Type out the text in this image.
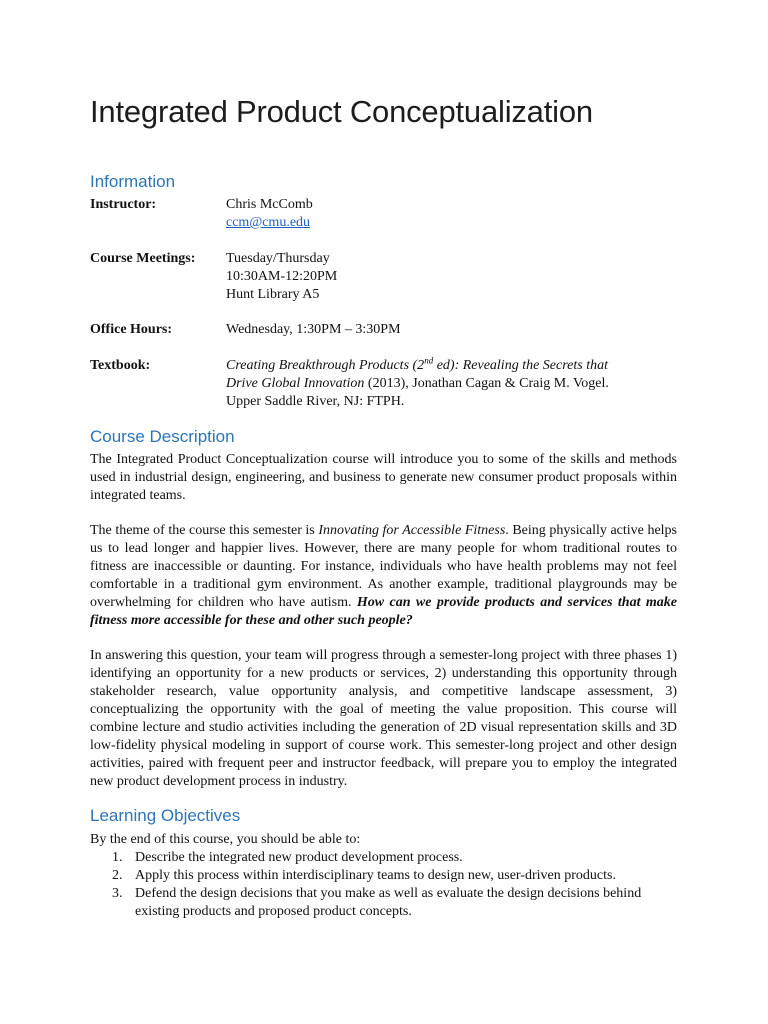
Integrated Product Conceptualization
Information
Instructor:	Chris McComb
ccm@cmu.edu
Course Meetings: Tuesday/Thursday
10:30AM-12:20PM
Hunt Library A5
Office Hours:	Wednesday, 1:30PM – 3:30PM
Textbook:	Creating Breakthrough Products (2nd ed): Revealing the Secrets that
Drive Global Innovation (2013), Jonathan Cagan & Craig M. Vogel.
Upper Saddle River, NJ: FTPH.
Course Description

The Integrated Product Conceptualization course will introduce you to some of the skills and methods used in industrial design, engineering, and business to generate new consumer product proposals within integrated teams.

The theme of the course this semester is Innovating for Accessible Fitness. Being physically active helps us to lead longer and happier lives. However, there are many people for whom traditional routes to fitness are inaccessible or daunting. For instance, individuals who have health problems may not feel comfortable in a traditional gym environment. As another example, traditional playgrounds may be overwhelming for children who have autism. How can we provide products and services that make fitness more accessible for these and other such people?

In answering this question, your team will progress through a semester-long project with three phases 1) identifying an opportunity for a new products or services, 2) understanding this opportunity through stakeholder research, value opportunity analysis, and competitive landscape assessment, 3) conceptualizing the opportunity with the goal of meeting the value proposition. This course will combine lecture and studio activities including the generation of 2D visual representation skills and 3D low-fidelity physical modeling in support of course work. This semester-long project and other design activities, paired with frequent peer and instructor feedback, will prepare you to employ the integrated new product development process in industry.

Learning Objectives

By the end of this course, you should be able to:

1. Describe the integrated new product development process.
2. Apply this process within interdisciplinary teams to design new, user-driven products.
3. Defend the design decisions that you make as well as evaluate the design decisions behind existing products and proposed product concepts.
